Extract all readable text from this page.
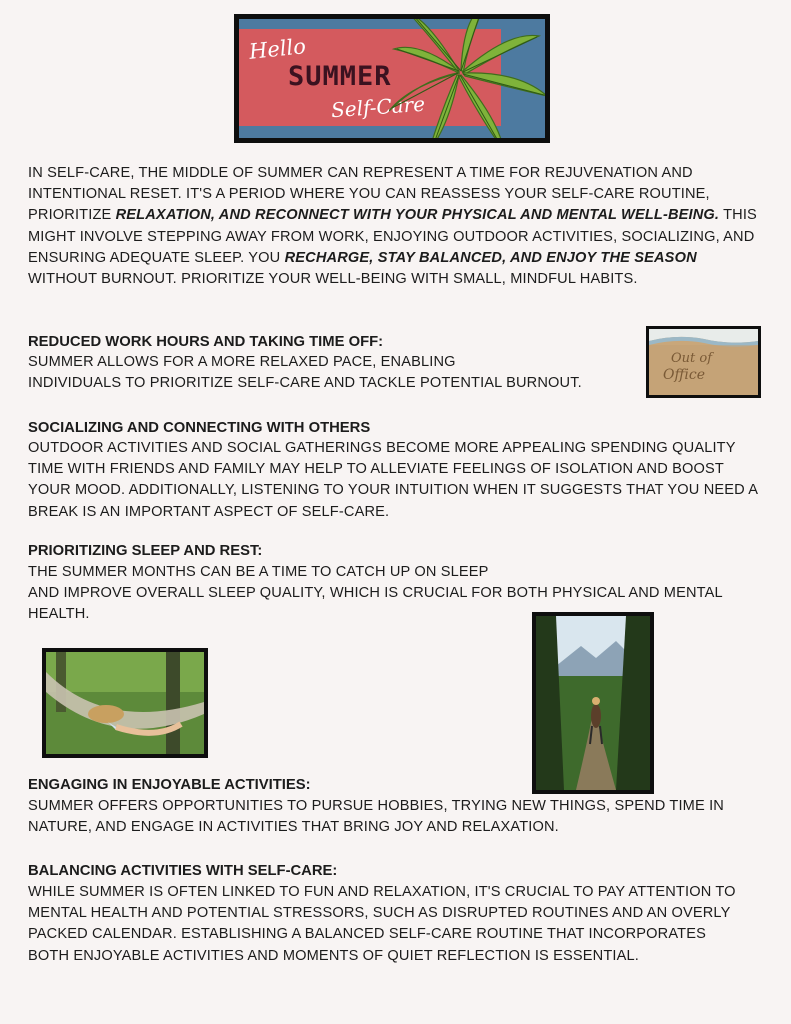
Hello
SUMMER
Self-Care
IN SELF-CARE, THE MIDDLE OF SUMMER CAN REPRESENT A TIME FOR REJUVENATION AND INTENTIONAL RESET. IT'S A PERIOD WHERE YOU CAN REASSESS YOUR SELF-CARE ROUTINE, PRIORITIZE RELAXATION, AND RECONNECT WITH YOUR PHYSICAL AND MENTAL WELL-BEING. THIS MIGHT INVOLVE STEPPING AWAY FROM WORK, ENJOYING OUTDOOR ACTIVITIES, SOCIALIZING, AND ENSURING ADEQUATE SLEEP. YOU RECHARGE, STAY BALANCED, AND ENJOY THE SEASON WITHOUT BURNOUT. PRIORITIZE YOUR WELL-BEING WITH SMALL, MINDFUL HABITS.
REDUCED WORK HOURS AND TAKING TIME OFF:
SUMMER ALLOWS FOR A MORE RELAXED PACE, ENABLING
INDIVIDUALS TO PRIORITIZE SELF-CARE AND TACKLE POTENTIAL BURNOUT.
Out of
Office
SOCIALIZING AND CONNECTING WITH OTHERS
OUTDOOR ACTIVITIES AND SOCIAL GATHERINGS BECOME MORE APPEALING SPENDING QUALITY TIME WITH FRIENDS AND FAMILY MAY HELP TO ALLEVIATE FEELINGS OF ISOLATION AND BOOST YOUR MOOD. ADDITIONALLY, LISTENING TO YOUR INTUITION WHEN IT SUGGESTS THAT YOU NEED A BREAK IS AN IMPORTANT ASPECT OF SELF-CARE.
PRIORITIZING SLEEP AND REST:
THE SUMMER MONTHS CAN BE A TIME TO CATCH UP ON SLEEP
AND IMPROVE OVERALL SLEEP QUALITY, WHICH IS CRUCIAL FOR BOTH PHYSICAL AND MENTAL HEALTH.
ENGAGING IN ENJOYABLE ACTIVITIES:
SUMMER OFFERS OPPORTUNITIES TO PURSUE HOBBIES, TRYING NEW THINGS, SPEND TIME IN NATURE, AND ENGAGE IN ACTIVITIES THAT BRING JOY AND RELAXATION.
BALANCING ACTIVITIES WITH SELF-CARE:
WHILE SUMMER IS OFTEN LINKED TO FUN AND RELAXATION, IT'S CRUCIAL TO PAY ATTENTION TO MENTAL HEALTH AND POTENTIAL STRESSORS, SUCH AS DISRUPTED ROUTINES AND AN OVERLY PACKED CALENDAR. ESTABLISHING A BALANCED SELF-CARE ROUTINE THAT INCORPORATES BOTH ENJOYABLE ACTIVITIES AND MOMENTS OF QUIET REFLECTION IS ESSENTIAL.
